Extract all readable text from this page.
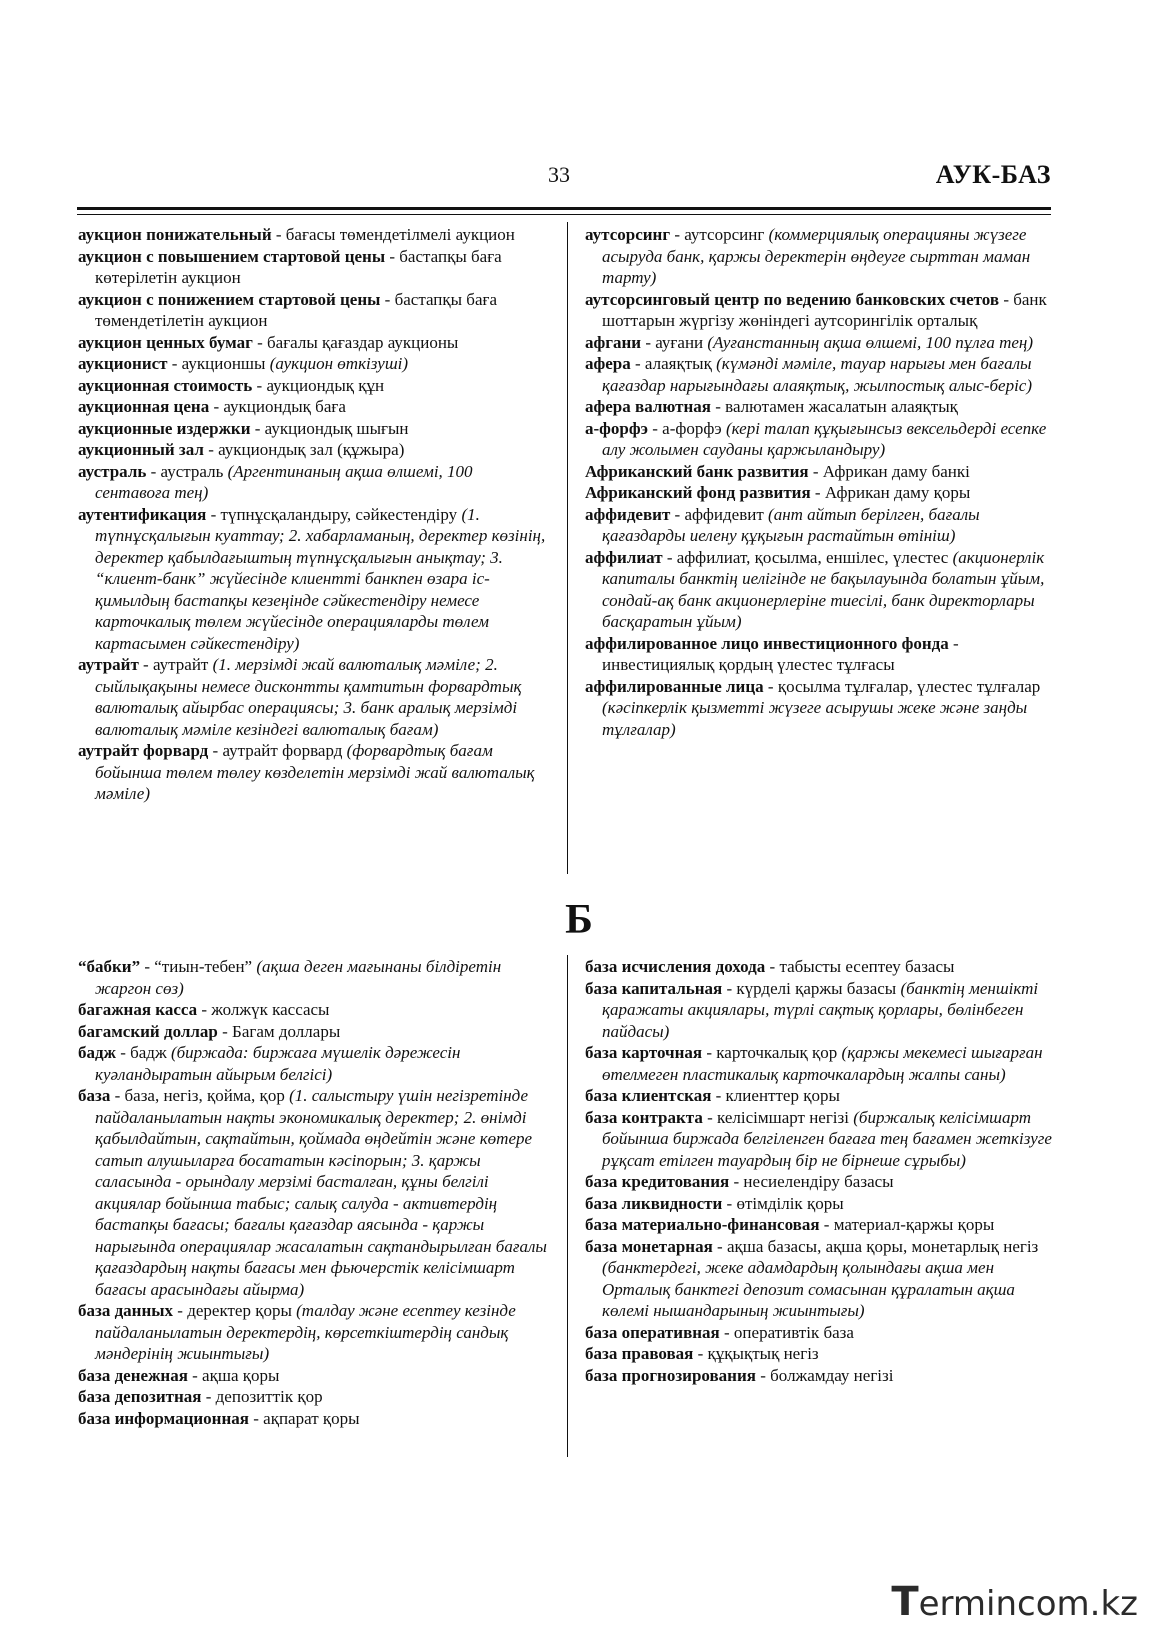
33	АУК-БАЗ

аукцион понижательный - бағасы төмендетілмелі аукцион

аукцион с повышением стартовой цены - бастапқы баға көтерілетін аукцион

аукцион с понижением стартовой цены - бастапқы баға төмендетілетін аукцион

аукцион ценных бумаг - бағалы қағаздар аукционы

аукционист - аукционшы (аукцион өткізуші)

аукционная стоимость - аукциондық құн

аукционная цена - аукциондық баға

аукционные издержки - аукциондық шығын

аукционный зал - аукциондық зал (құжыра)

аустраль - аустраль (Аргентинаның ақша өлшемі, 100 сентавоға тең)

аутентификация - түпнұсқаландыру, сәйкестендіру (1. түпнұсқалығын куаттау; 2. хабарламаның, деректер көзінің, деректер қабылдағыштың түпнұсқалығын анықтау; 3. “клиент-банк” жүйесінде клиентті банкпен өзара іс-қимылдың бастапқы кезеңінде сәйкестендіру немесе карточкалық төлем жүйесінде операцияларды төлем картасымен сәйкестендіру)

аутрайт - аутрайт (1. мерзімді жай валюталық мәміле; 2. сыйлықақыны немесе дисконтты қамтитын форвардтық валюталық айырбас операциясы; 3. банк аралық мерзімді валюталық мәміле кезіндегі валюталық бағам)

аутрайт форвард - аутрайт форвард (форвардтық бағам бойынша төлем төлеу көзделетін мерзімді жай валюталық мәміле)

аутсорсинг - аутсорсинг (коммерциялық операцияны жүзеге асыруда банк, қаржы деректерін өңдеуге сырттан маман тарту)

аутсорсинговый центр по ведению банковских счетов - банк шоттарын жүргізу жөніндегі аутсорингілік орталық

афгани - ауғани (Ауғанстанның ақша өлшемі, 100 пұлға тең)

афера - алаяқтық (күмәнді мәміле, тауар нарығы мен бағалы қағаздар нарығындағы алаяқтық, жылпостық алыс-беріс)

афера валютная - валютамен жасалатын алаяқтық

а-форфэ - а-форфэ (кері талап құқығынсыз вексельдерді есепке алу жолымен сауданы қаржыландыру)

Африканский банк развития - Африкан даму банкі

Африканский фонд развития - Африкан даму қоры

аффидевит - аффидевит (ант айтып берілген, бағалы қағаздарды иелену құқығын растайтын өтініш)

аффилиат - аффилиат, қосылма, еншілес, үлестес (акционерлік капиталы банктің иелігінде не бақылауында болатын ұйым, сондай-ақ банк акционерлеріне тиесілі, банк директорлары басқаратын ұйым)

аффилированное лицо инвестиционного фонда - инвестициялық қордың үлестес тұлғасы

аффилированные лица - қосылма тұлғалар, үлестес тұлғалар (кәсіпкерлік қызметті жүзеге асырушы жеке және заңды тұлғалар)

Б

“бабки” - “тиын-тебен” (ақша деген мағынаны білдіретін жаргон сөз)

багажная касса - жолжүк кассасы

багамский доллар - Багам доллары

бадж - бадж (биржада: биржаға мүшелік дәрежесін куәландыратын айырым белгісі)

база - база, негіз, қойма, қор (1. салыстыру үшін негізретінде пайдаланылатын нақты экономикалық деректер; 2. өнімді қабылдайтын, сақтайтын, қоймада өңдейтін және көтере сатып алушыларға босататын кәсіпорын; 3. қаржы саласында - орындалу мерзімі басталған, құны белгілі акциялар бойынша табыс; салық салуда - активтердің бастапқы бағасы; бағалы қағаздар аясында - қаржы нарығында операциялар жасалатын сақтандырылған бағалы қағаздардың нақты бағасы мен фьючерстік келісімшарт бағасы арасындағы айырма)

база данных - деректер қоры (талдау және есептеу кезінде пайдаланылатын деректердің, көрсеткіштердің сандық мәндерінің жиынтығы)

база денежная - ақша қоры

база депозитная - депозиттік қор

база информационная - ақпарат қоры

база исчисления дохода - табысты есептеу базасы

база капитальная - күрделі қаржы базасы (банктің меншікті қаражаты акциялары, түрлі сақтық қорлары, бөлінбеген пайдасы)

база карточная - карточкалық қор (қаржы мекемесі шығарған өтелмеген пластикалық карточкалардың жалпы саны)

база клиентская - клиенттер қоры

база контракта - келісімшарт негізі (биржалық келісімшарт бойынша биржада белгіленген бағаға тең бағамен жеткізуге рұқсат етілген тауардың бір не бірнеше сұрыбы)

база кредитования - несиелендіру базасы

база ликвидности - өтімділік қоры

база материально-финансовая - материал-қаржы қоры

база монетарная - ақша базасы, ақша қоры, монетарлық негіз (банктердегі, жеке адамдардың қолындағы ақша мен Орталық банктегі депозит сомасынан құралатын ақша көлемі нышандарының жиынтығы)

база оперативная - оперативтік база

база правовая - құқықтық негіз

база прогнозирования - болжамдау негізі

Termincom.kz
